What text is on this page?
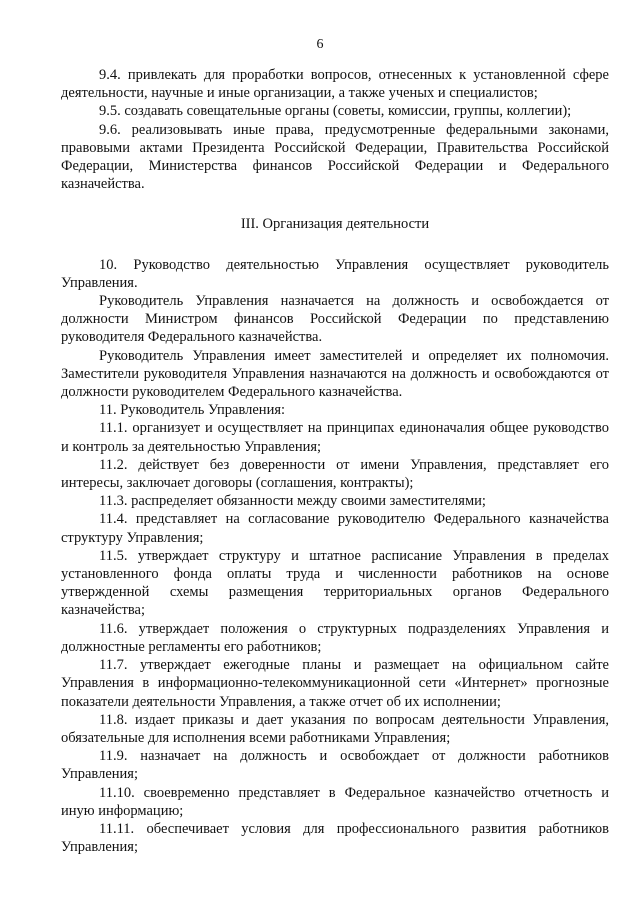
6

9.4. привлекать для проработки вопросов, отнесенных к установленной сфере деятельности, научные и иные организации, а также ученых и специалистов;

9.5. создавать совещательные органы (советы, комиссии, группы, коллегии);

9.6. реализовывать иные права, предусмотренные федеральными законами, правовыми актами Президента Российской Федерации, Правительства Российской Федерации, Министерства финансов Российской Федерации и Федерального казначейства.

III. Организация деятельности

10. Руководство деятельностью Управления осуществляет руководитель Управления.

Руководитель Управления назначается на должность и освобождается от должности Министром финансов Российской Федерации по представлению руководителя Федерального казначейства.

Руководитель Управления имеет заместителей и определяет их полномочия. Заместители руководителя Управления назначаются на должность и освобождаются от должности руководителем Федерального казначейства.

11. Руководитель Управления:

11.1. организует и осуществляет на принципах единоначалия общее руководство и контроль за деятельностью Управления;

11.2. действует без доверенности от имени Управления, представляет его интересы, заключает договоры (соглашения, контракты);

11.3. распределяет обязанности между своими заместителями;

11.4. представляет на согласование руководителю Федерального казначейства структуру Управления;

11.5. утверждает структуру и штатное расписание Управления в пределах установленного фонда оплаты труда и численности работников на основе утвержденной схемы размещения территориальных органов Федерального казначейства;

11.6. утверждает положения о структурных подразделениях Управления и должностные регламенты его работников;

11.7. утверждает ежегодные планы и размещает на официальном сайте Управления в информационно-телекоммуникационной сети «Интернет» прогнозные показатели деятельности Управления, а также отчет об их исполнении;

11.8. издает приказы и дает указания по вопросам деятельности Управления, обязательные для исполнения всеми работниками Управления;

11.9. назначает на должность и освобождает от должности работников Управления;

11.10. своевременно представляет в Федеральное казначейство отчетность и иную информацию;

11.11. обеспечивает условия для профессионального развития работников Управления;
